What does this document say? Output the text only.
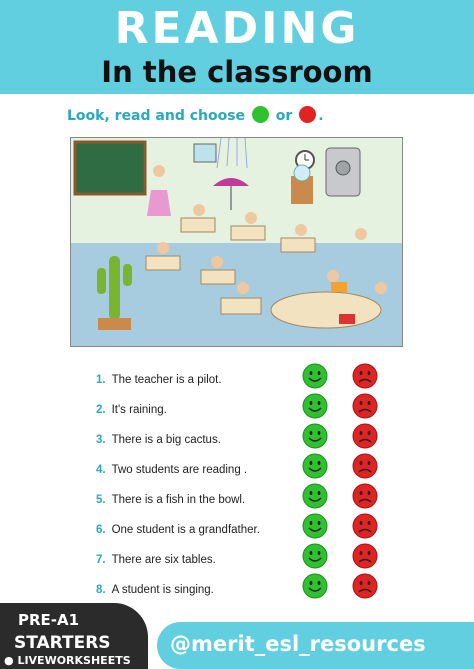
READING
In the classroom
Look, read and choose or .
1. The teacher is a pilot.
2. It's raining.
3. There is a big cactus.
4. Two students are reading .
5. There is a fish in the bowl.
6. One student is a grandfather.
7. There are six tables.
8. A student is singing.
PRE-A1
STARTERS
● LIVEWORKSHEETS
@merit_esl_resources
